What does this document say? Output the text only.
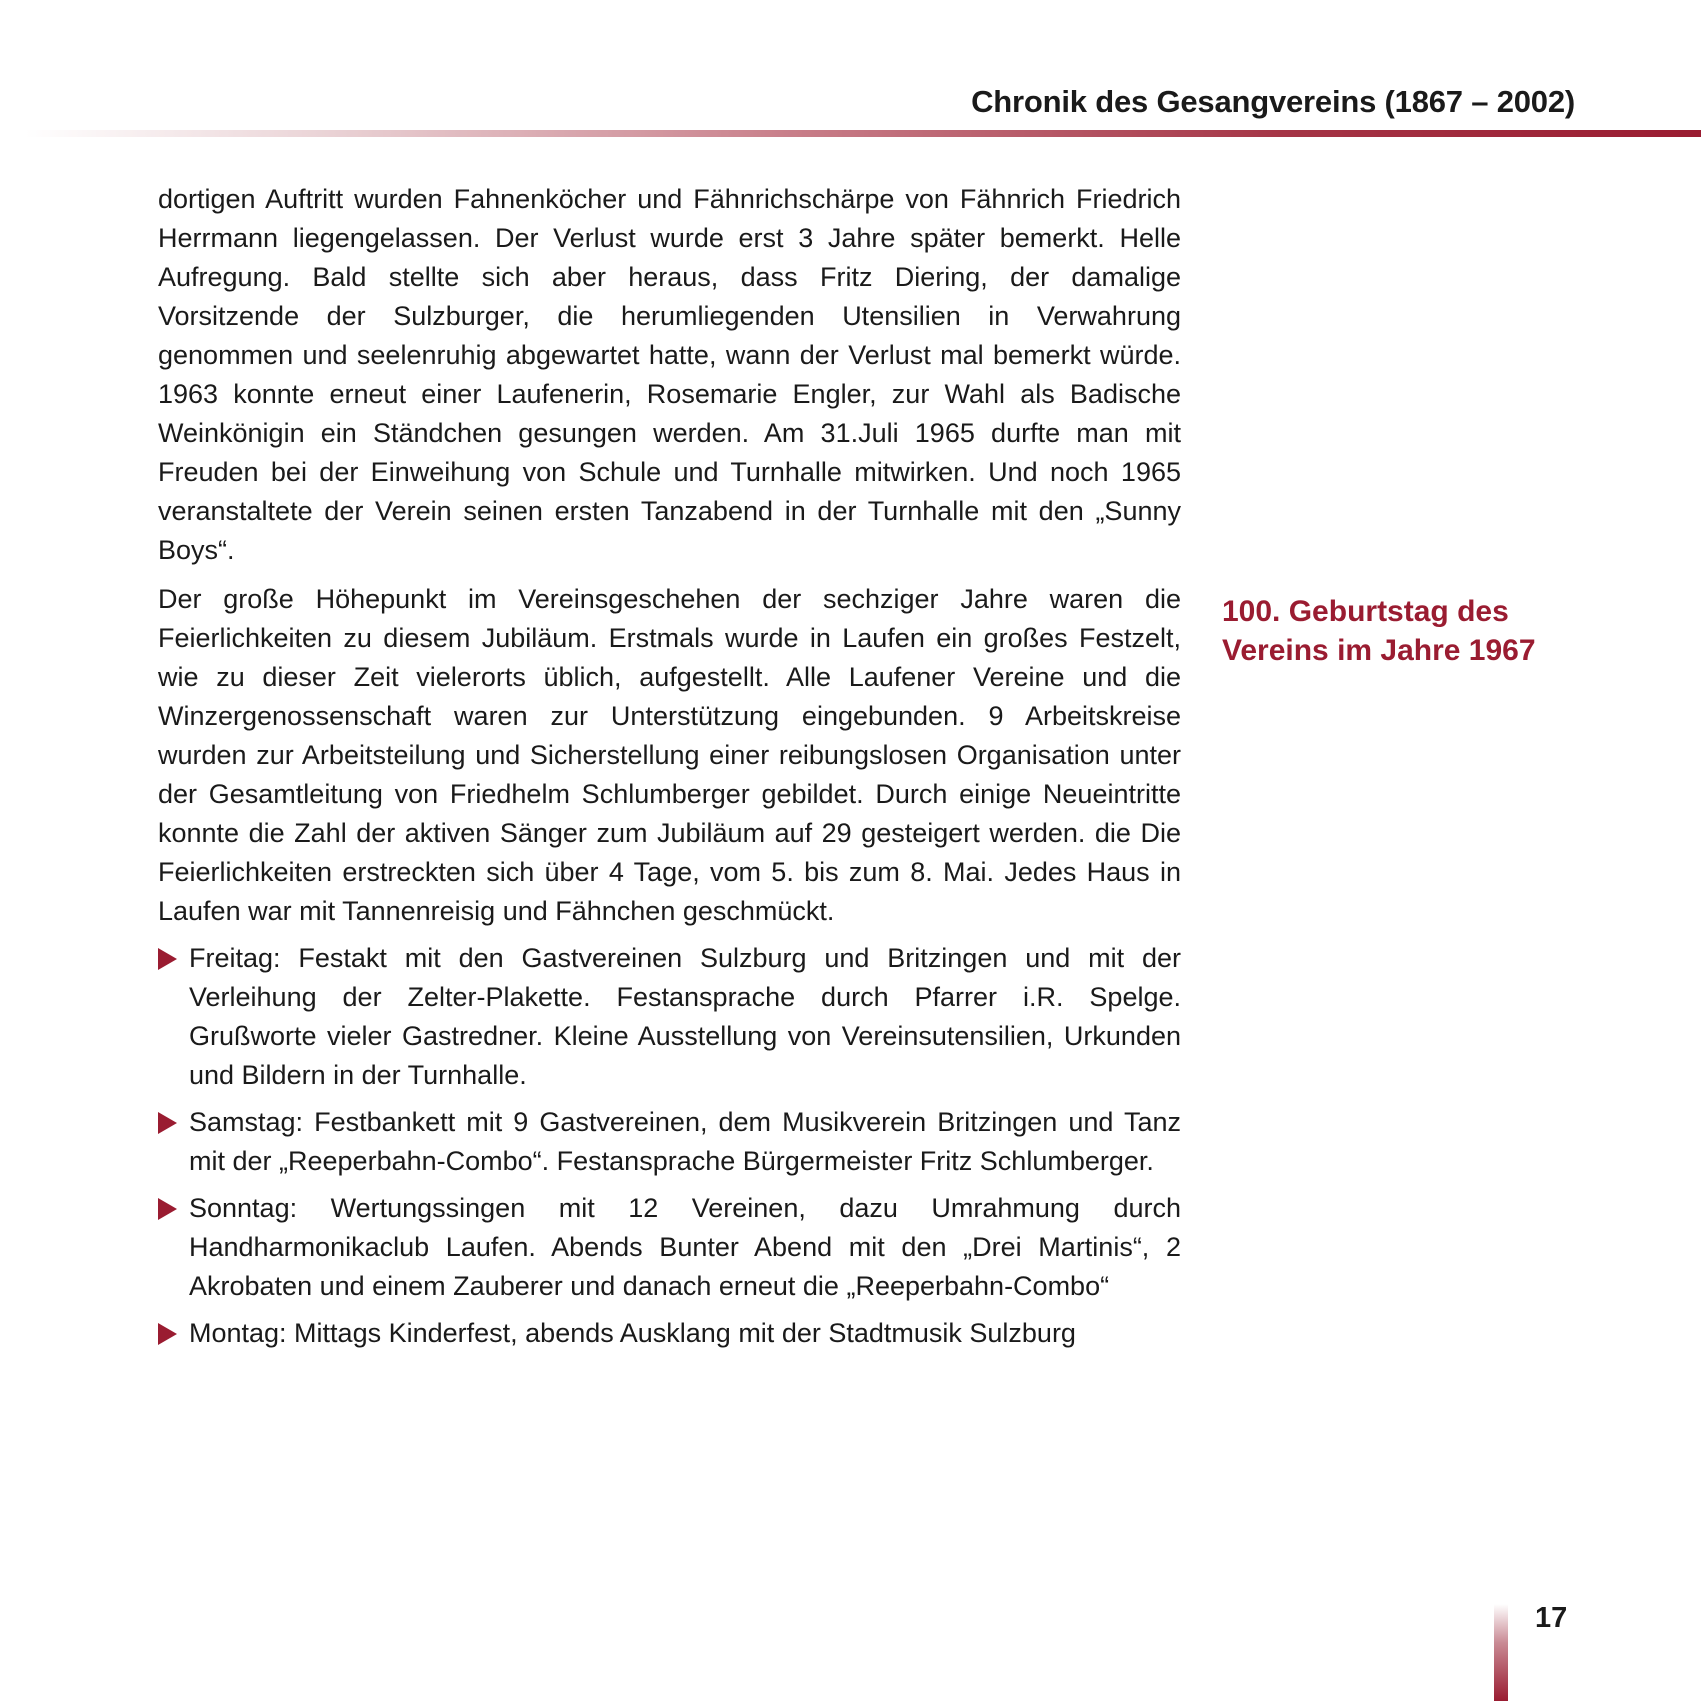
Chronik des Gesangvereins (1867 – 2002)

dortigen Auftritt wurden Fahnenköcher und Fähnrichschärpe von Fähnrich Friedrich Herrmann liegengelassen. Der Verlust wurde erst 3 Jahre später bemerkt. Helle Aufregung. Bald stellte sich aber heraus, dass Fritz Diering, der damalige Vorsitzende der Sulzburger, die herumliegenden Utensilien in Verwahrung genommen und seelenruhig abgewartet hatte, wann der Verlust mal bemerkt würde. 1963 konnte erneut einer Laufenerin, Rosemarie Engler, zur Wahl als Badische Weinkönigin ein Ständchen gesungen werden. Am 31.Juli 1965 durfte man mit Freuden bei der Einweihung von Schule und Turnhalle mitwirken. Und noch 1965 veranstaltete der Verein seinen ersten Tanzabend in der Turnhalle mit den „Sunny Boys“.

Der große Höhepunkt im Vereinsgeschehen der sechziger Jahre waren die Feierlichkeiten zu diesem Jubiläum. Erstmals wurde in Laufen ein großes Festzelt, wie zu dieser Zeit vielerorts üblich, aufgestellt. Alle Laufener Vereine und die Winzergenossenschaft waren zur Unterstützung eingebunden. 9 Arbeitskreise wurden zur Arbeitsteilung und Sicherstellung einer reibungslosen Organisation unter der Gesamtleitung von Friedhelm Schlumberger gebildet. Durch einige Neueintritte konnte die Zahl der aktiven Sänger zum Jubiläum auf 29 gesteigert werden. die Die Feierlichkeiten erstreckten sich über 4 Tage, vom 5. bis zum 8. Mai. Jedes Haus in Laufen war mit Tannenreisig und Fähnchen geschmückt.

Freitag: Festakt mit den Gastvereinen Sulzburg und Britzingen und mit der Verleihung der Zelter-Plakette. Festansprache durch Pfarrer i.R. Spelge. Grußworte vieler Gastredner. Kleine Ausstellung von Vereinsutensilien, Urkunden und Bildern in der Turnhalle.
Samstag: Festbankett mit 9 Gastvereinen, dem Musikverein Britzingen und Tanz mit der „Reeperbahn-Combo“. Festansprache Bürgermeister Fritz Schlumberger.
Sonntag: Wertungssingen mit 12 Vereinen, dazu Umrahmung durch Handharmonikaclub Laufen. Abends Bunter Abend mit den „Drei Martinis“, 2 Akrobaten und einem Zauberer und danach erneut die „Reeperbahn-Combo“
Montag: Mittags Kinderfest, abends Ausklang mit der Stadtmusik Sulzburg
100. Geburtstag des
Vereins im Jahre 1967
17
